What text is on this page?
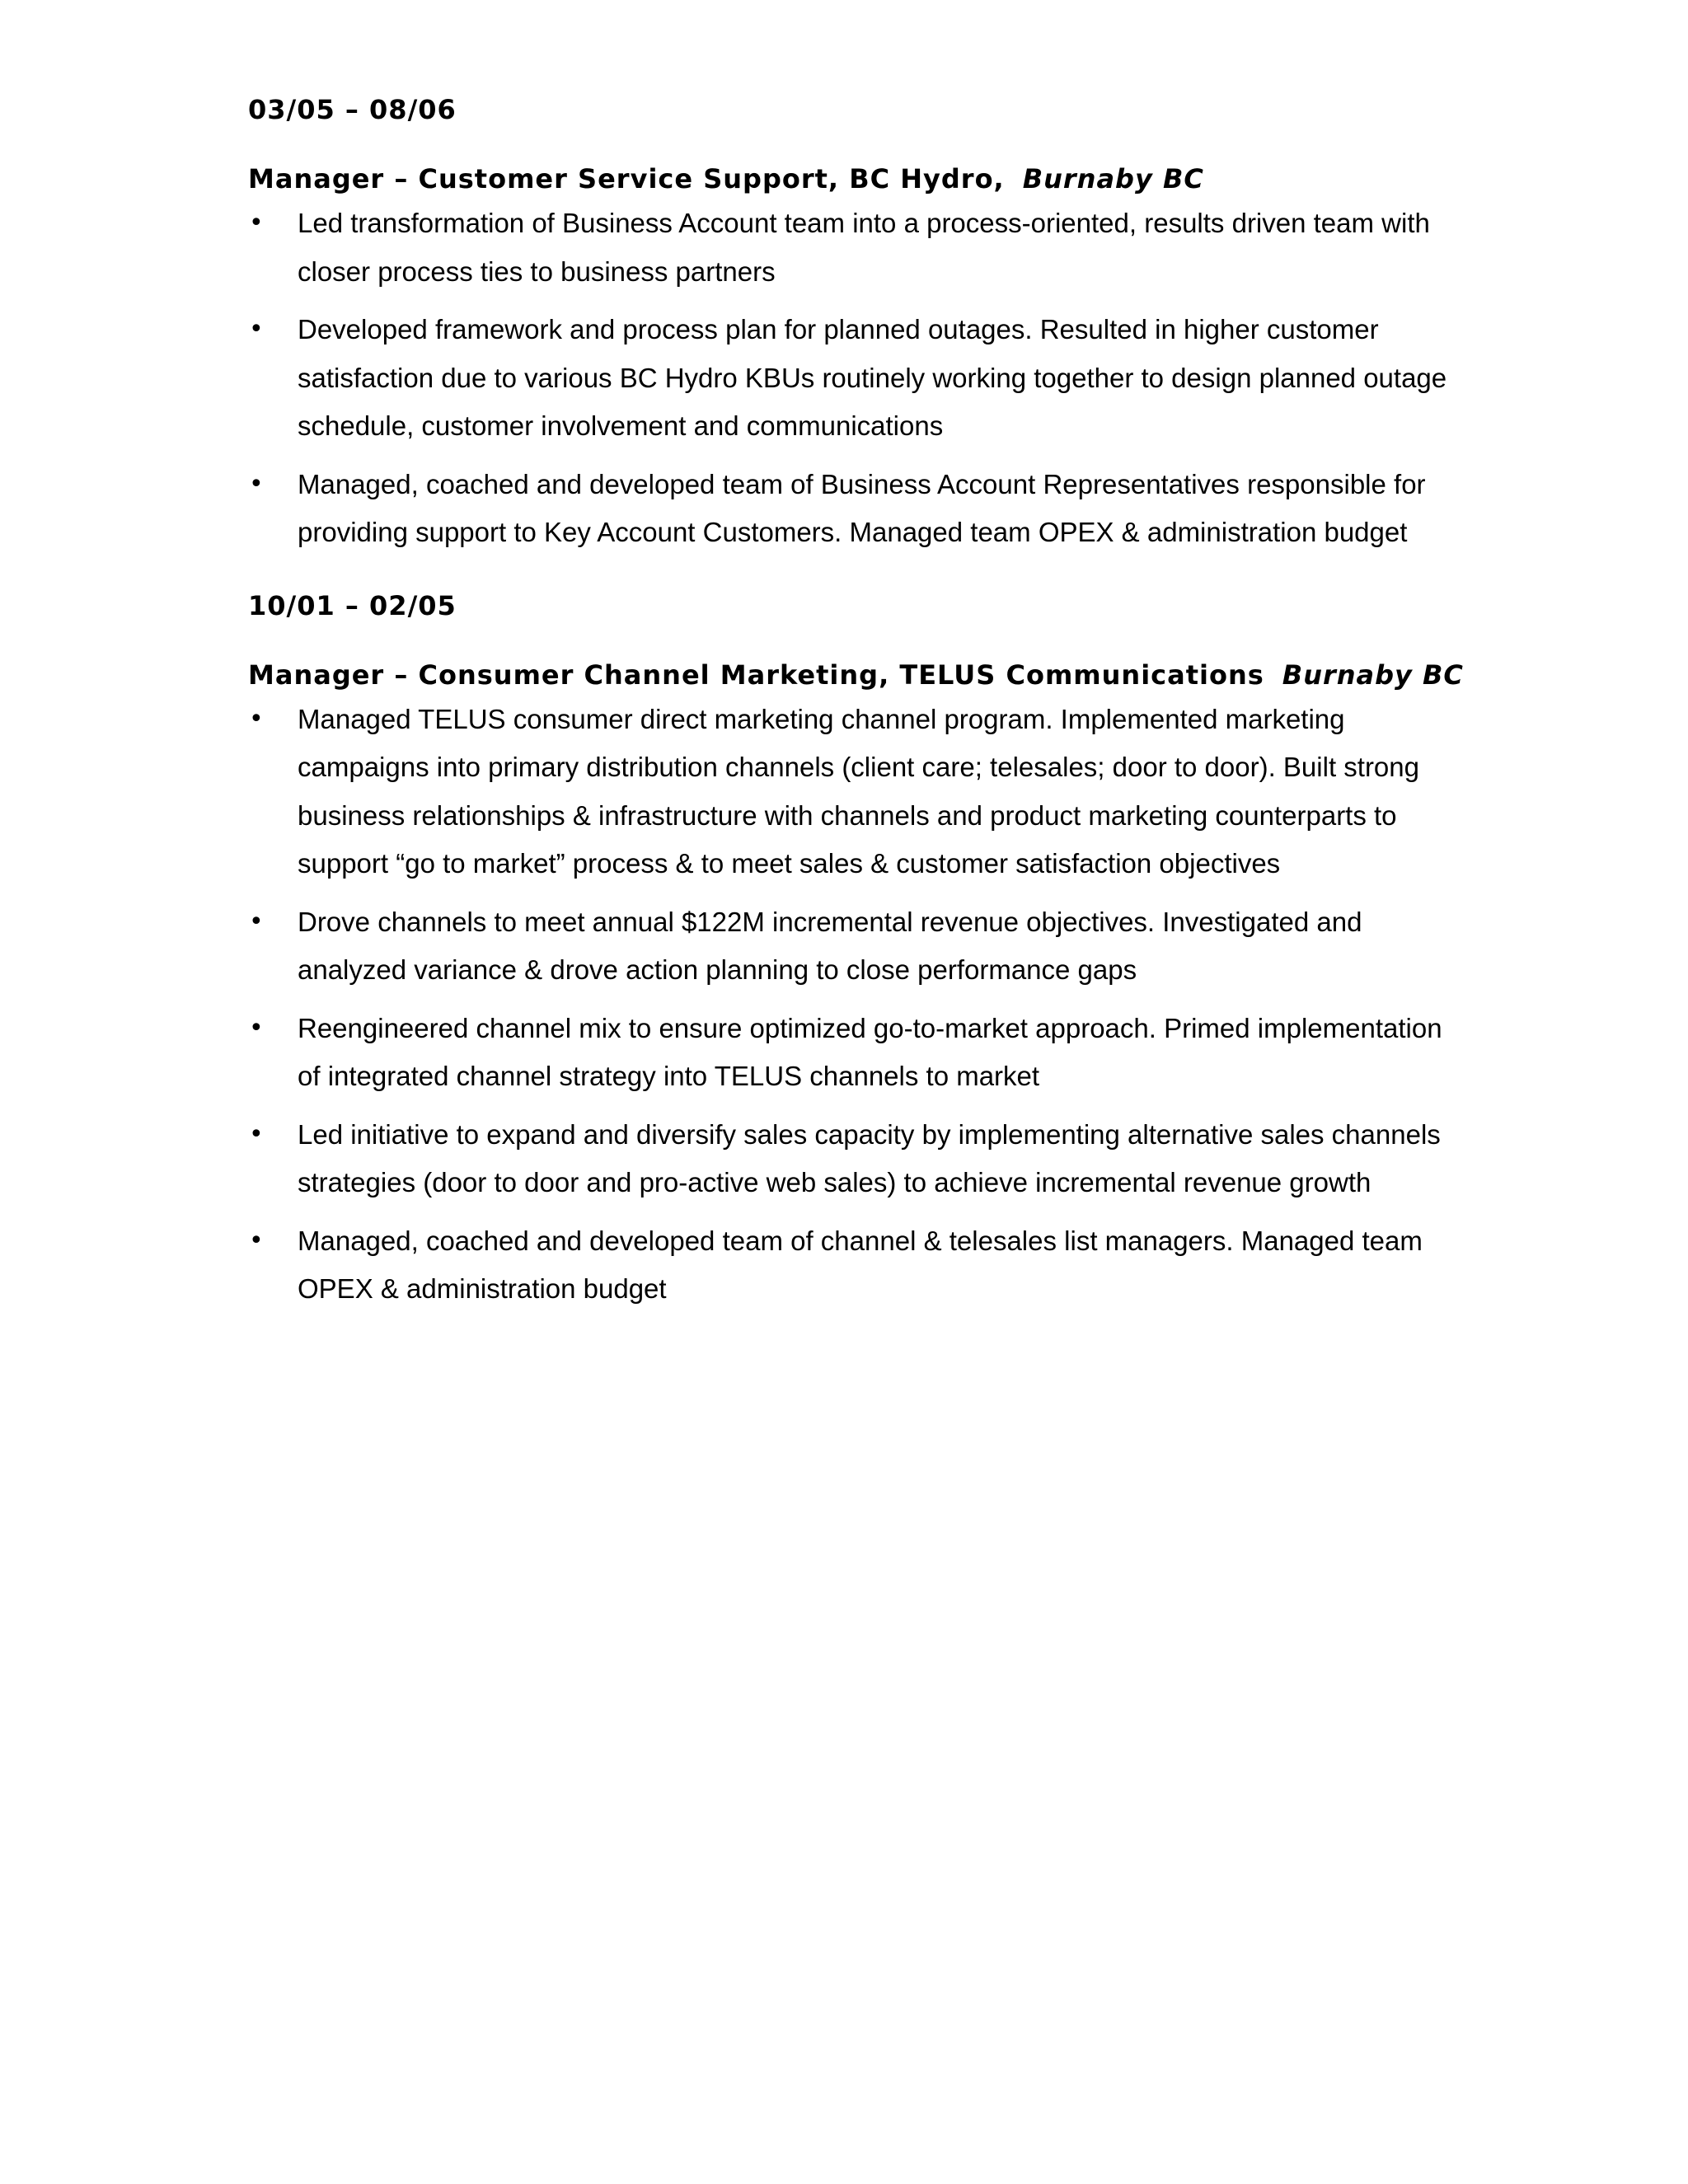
03/05 – 08/06
Manager – Customer Service Support, BC Hydro, Burnaby BC
• Led transformation of Business Account team into a process-oriented, results driven team with closer process ties to business partners
• Developed framework and process plan for planned outages. Resulted in higher customer satisfaction due to various BC Hydro KBUs routinely working together to design planned outage schedule, customer involvement and communications
• Managed, coached and developed team of Business Account Representatives responsible for providing support to Key Account Customers. Managed team OPEX & administration budget
10/01 – 02/05
Manager – Consumer Channel Marketing, TELUS Communications Burnaby BC
• Managed TELUS consumer direct marketing channel program. Implemented marketing campaigns into primary distribution channels (client care; telesales; door to door). Built strong business relationships & infrastructure with channels and product marketing counterparts to support “go to market” process & to meet sales & customer satisfaction objectives
• Drove channels to meet annual $122M incremental revenue objectives. Investigated and analyzed variance & drove action planning to close performance gaps
• Reengineered channel mix to ensure optimized go-to-market approach. Primed implementation of integrated channel strategy into TELUS channels to market
• Led initiative to expand and diversify sales capacity by implementing alternative sales channels strategies (door to door and pro-active web sales) to achieve incremental revenue growth
• Managed, coached and developed team of channel & telesales list managers. Managed team OPEX & administration budget
